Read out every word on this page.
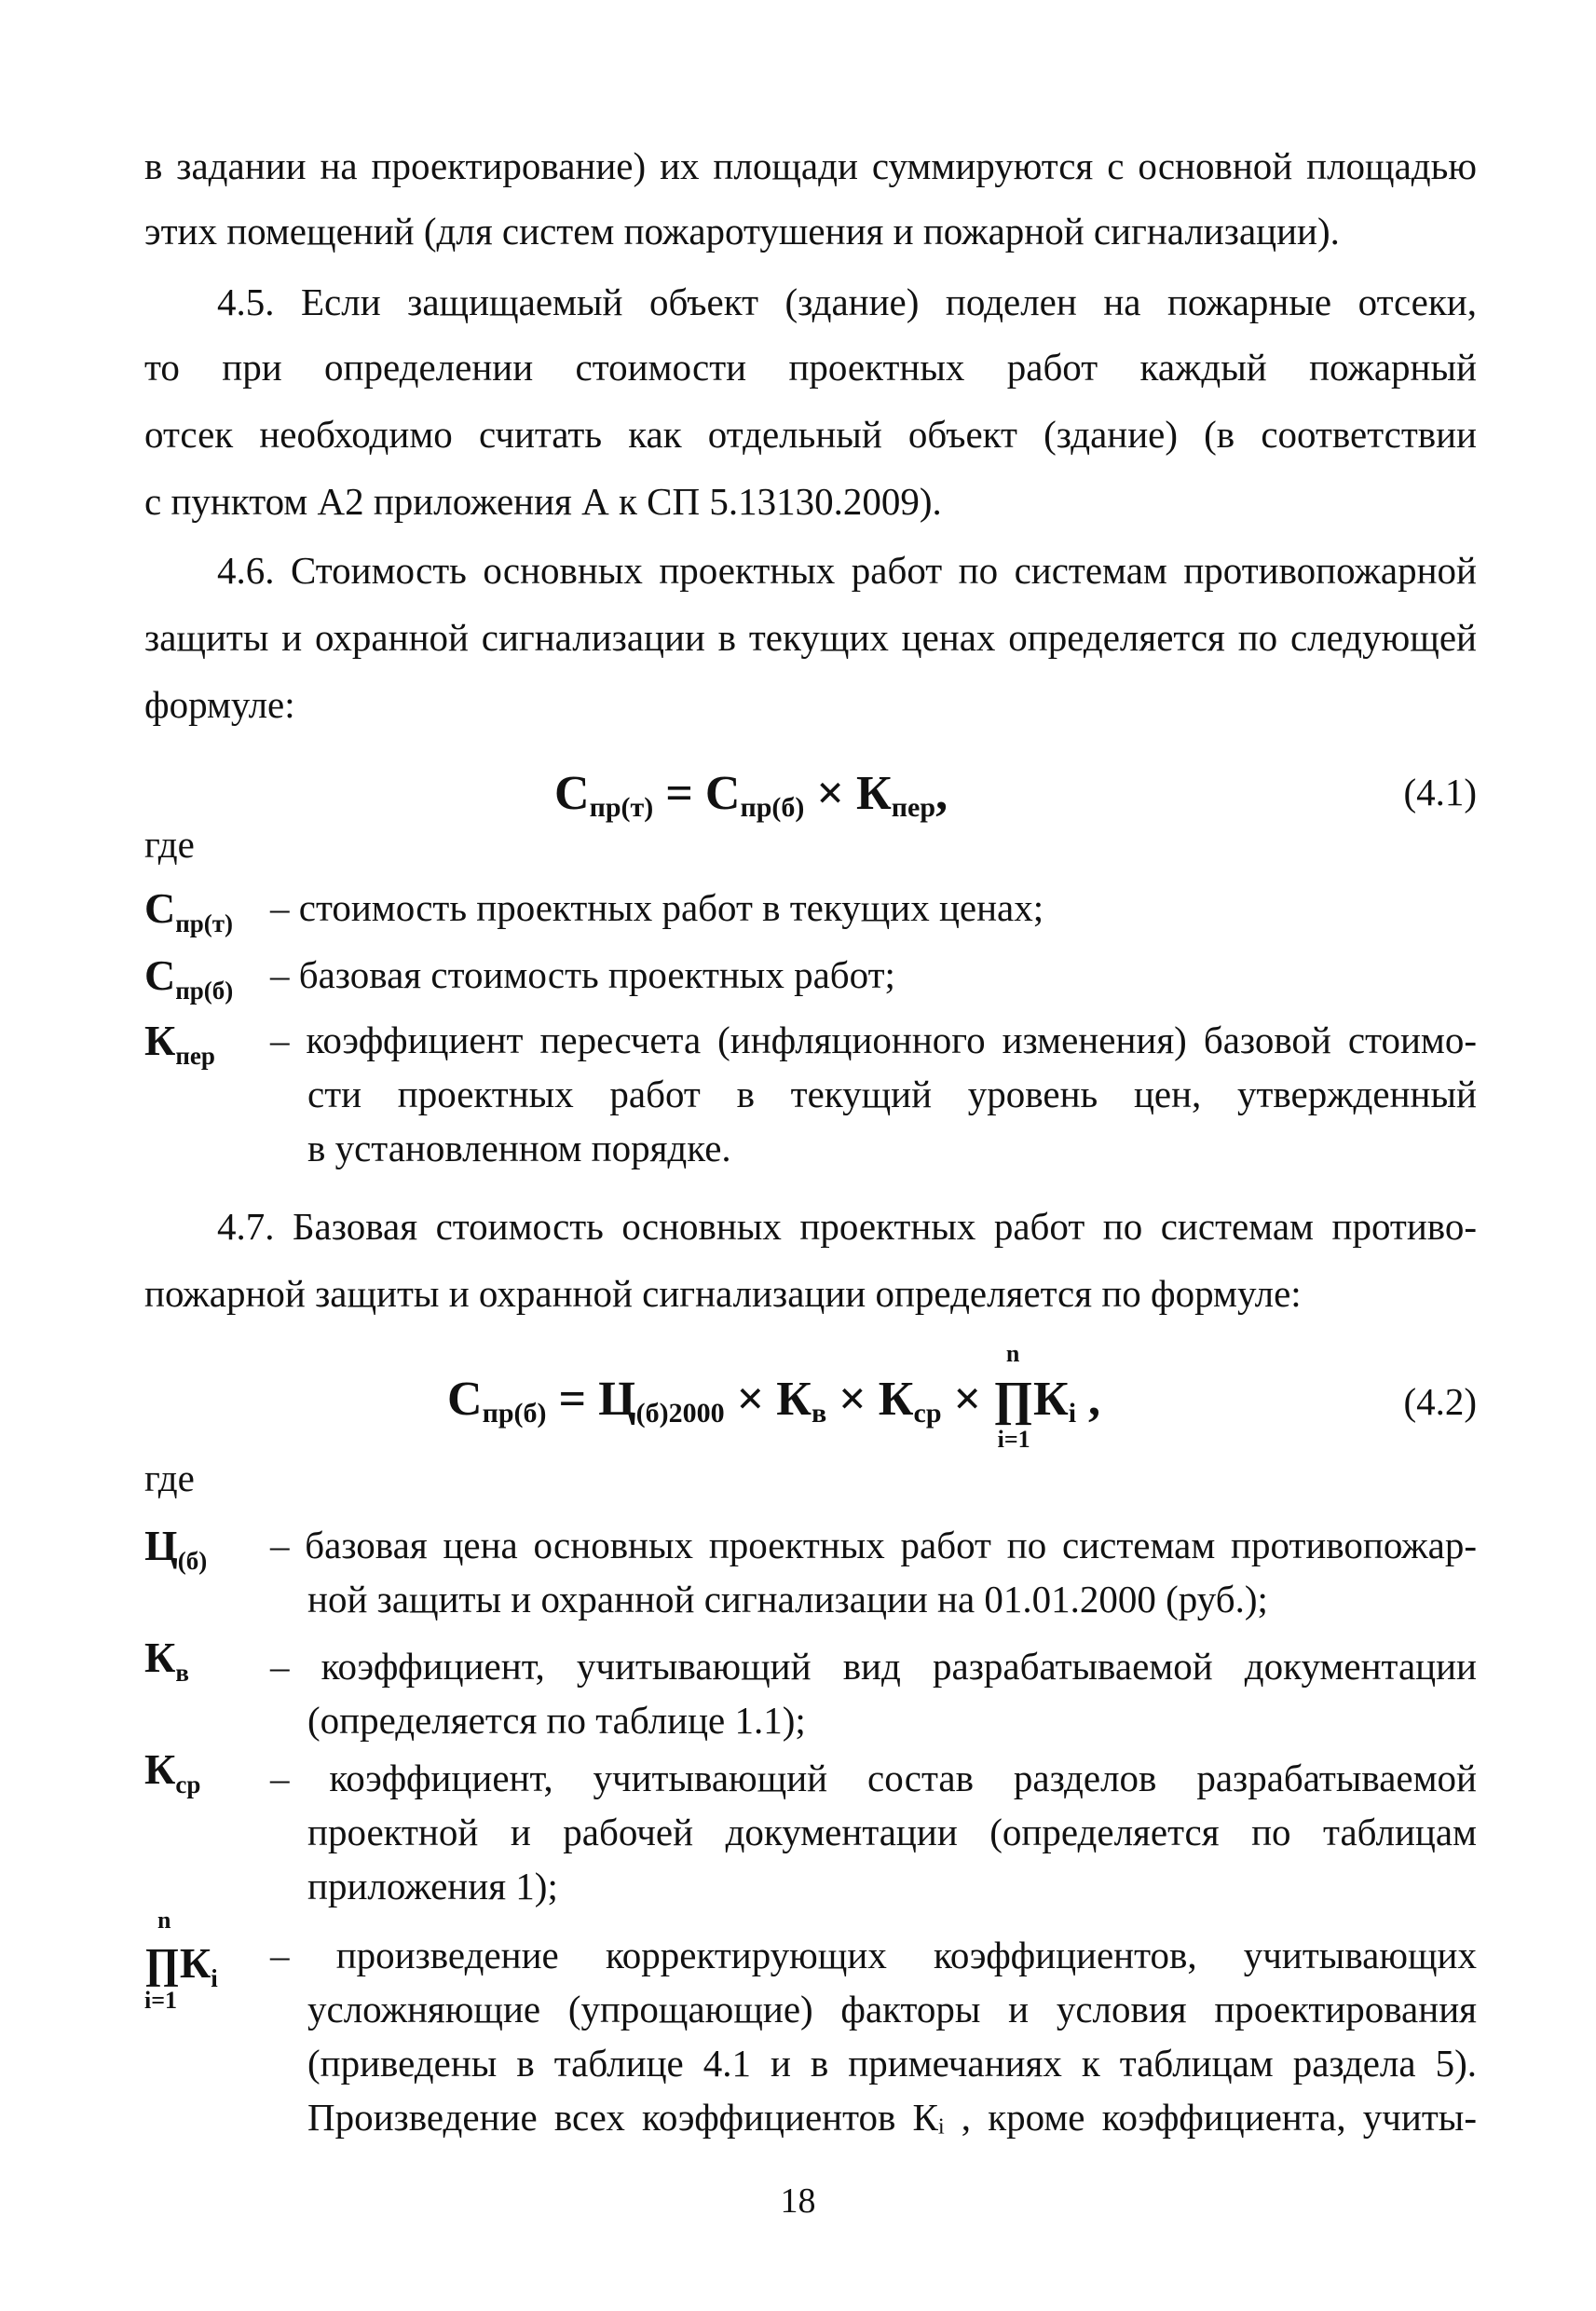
в задании на проектирование) их площади суммируются с основной площадью
этих помещений (для систем пожаротушения и пожарной сигнализации).
4.5. Если защищаемый объект (здание) поделен на пожарные отсеки,
то при определении стоимости проектных работ каждый пожарный
отсек необходимо считать как отдельный объект (здание) (в соответствии
с пунктом А2 приложения А к СП 5.13130.2009).
4.6. Стоимость основных проектных работ по системам противопожарной
защиты и охранной сигнализации в текущих ценах определяется по следующей
формуле:
$С_{пр(т)} = С_{пр(б)} \times К_{пер}$,	(4.1)
где
$С_{пр(т)}$ – стоимость проектных работ в текущих ценах;
$С_{пр(б)}$ – базовая стоимость проектных работ;
$К_{пер}$ – коэффициент пересчета (инфляционного изменения) базовой стоимо-
сти проектных работ в текущий уровень цен, утвержденный
в установленном порядке.
4.7. Базовая стоимость основных проектных работ по системам противо-
пожарной защиты и охранной сигнализации определяется по формуле:
$С_{пр(б)} = Ц_{(б)2000} \times К_в \times К_{ср}$ ×
n
∏
i=1
$К_i$ ,	(4.2)
где
$Ц_{(б)}$ – базовая цена основных проектных работ по системам противопожар-
ной защиты и охранной сигнализации на 01.01.2000 (руб.);
$К_в$ – коэффициент, учитывающий вид разрабатываемой документации
(определяется по таблице 1.1);
$К_{ср}$ – коэффициент, учитывающий состав разделов разрабатываемой
проектной и рабочей документации (определяется по таблицам
приложения 1);
n
$\prod К_i$
i=1
– произведение корректирующих коэффициентов, учитывающих
усложняющие (упрощающие) факторы и условия проектирования
(приведены в таблице 4.1 и в примечаниях к таблицам раздела 5).
Произведение всех коэффициентов Кᵢ , кроме коэффициента, учиты-
18
